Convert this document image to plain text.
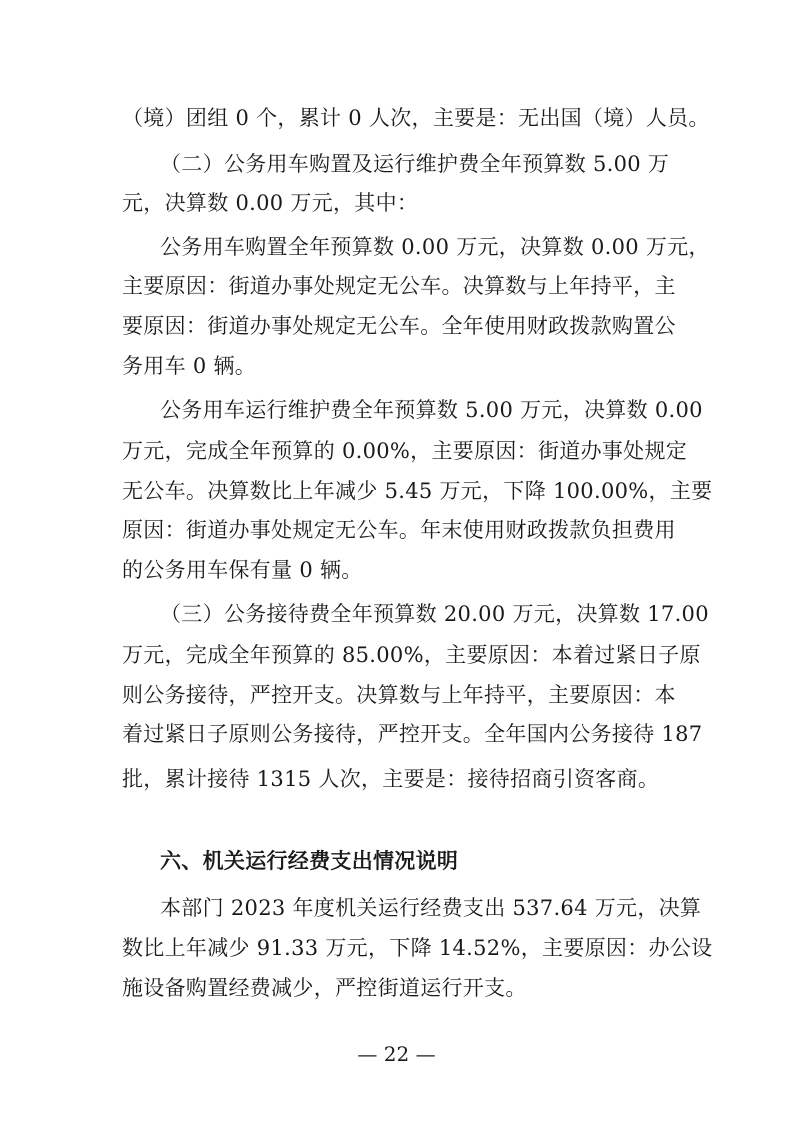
（境）团组 0 个，累计 0 人次，主要是：无出国（境）人员。
（二）公务用车购置及运行维护费全年预算数 5.00 万
元，决算数 0.00 万元，其中：
公务用车购置全年预算数 0.00 万元，决算数 0.00 万元，
主要原因：街道办事处规定无公车。决算数与上年持平，主
要原因：街道办事处规定无公车。全年使用财政拨款购置公
务用车 0 辆。
公务用车运行维护费全年预算数 5.00 万元，决算数 0.00
万元，完成全年预算的 0.00%，主要原因：街道办事处规定
无公车。决算数比上年减少 5.45 万元，下降 100.00%，主要
原因：街道办事处规定无公车。年末使用财政拨款负担费用
的公务用车保有量 0 辆。
（三）公务接待费全年预算数 20.00 万元，决算数 17.00
万元，完成全年预算的 85.00%，主要原因：本着过紧日子原
则公务接待，严控开支。决算数与上年持平，主要原因：本
着过紧日子原则公务接待，严控开支。全年国内公务接待 187
批，累计接待 1315 人次，主要是：接待招商引资客商。
六、机关运行经费支出情况说明
本部门 2023 年度机关运行经费支出 537.64 万元，决算
数比上年减少 91.33 万元，下降 14.52%，主要原因：办公设
施设备购置经费减少，严控街道运行开支。
— 22 —
